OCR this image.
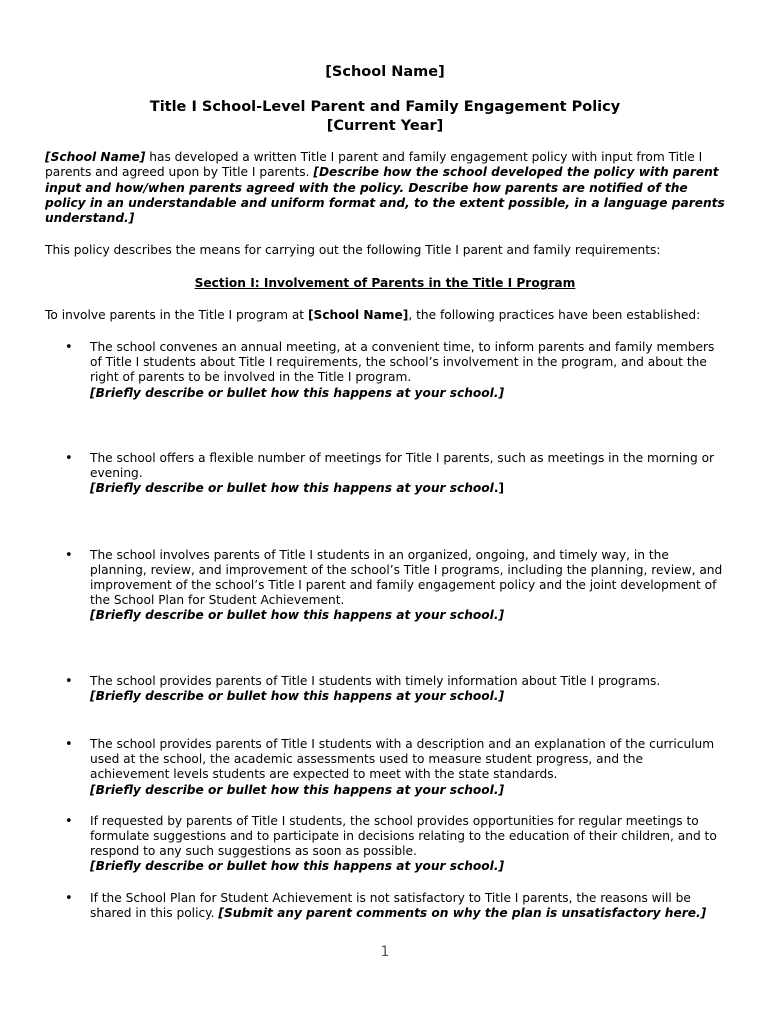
[School Name]

Title I School-Level Parent and Family Engagement Policy

[Current Year]

[School Name] has developed a written Title I parent and family engagement policy with input from Title I parents and agreed upon by Title I parents. [Describe how the school developed the policy with parent input and how/when parents agreed with the policy. Describe how parents are notified of the policy in an understandable and uniform format and, to the extent possible, in a language parents understand.]

This policy describes the means for carrying out the following Title I parent and family requirements:

Section I: Involvement of Parents in the Title I Program

To involve parents in the Title I program at [School Name], the following practices have been established:

• The school convenes an annual meeting, at a convenient time, to inform parents and family members of Title I students about Title I requirements, the school’s involvement in the program, and about the right of parents to be involved in the Title I program.
[Briefly describe or bullet how this happens at your school.]
• The school offers a flexible number of meetings for Title I parents, such as meetings in the morning or evening.
[Briefly describe or bullet how this happens at your school.]
• The school involves parents of Title I students in an organized, ongoing, and timely way, in the planning, review, and improvement of the school’s Title I programs, including the planning, review, and improvement of the school’s Title I parent and family engagement policy and the joint development of the School Plan for Student Achievement.
[Briefly describe or bullet how this happens at your school.]
• The school provides parents of Title I students with timely information about Title I programs.
[Briefly describe or bullet how this happens at your school.]
• The school provides parents of Title I students with a description and an explanation of the curriculum used at the school, the academic assessments used to measure student progress, and the achievement levels students are expected to meet with the state standards.
[Briefly describe or bullet how this happens at your school.]
• If requested by parents of Title I students, the school provides opportunities for regular meetings to formulate suggestions and to participate in decisions relating to the education of their children, and to respond to any such suggestions as soon as possible.
[Briefly describe or bullet how this happens at your school.]
• If the School Plan for Student Achievement is not satisfactory to Title I parents, the reasons will be shared in this policy. [Submit any parent comments on why the plan is unsatisfactory here.]
1
